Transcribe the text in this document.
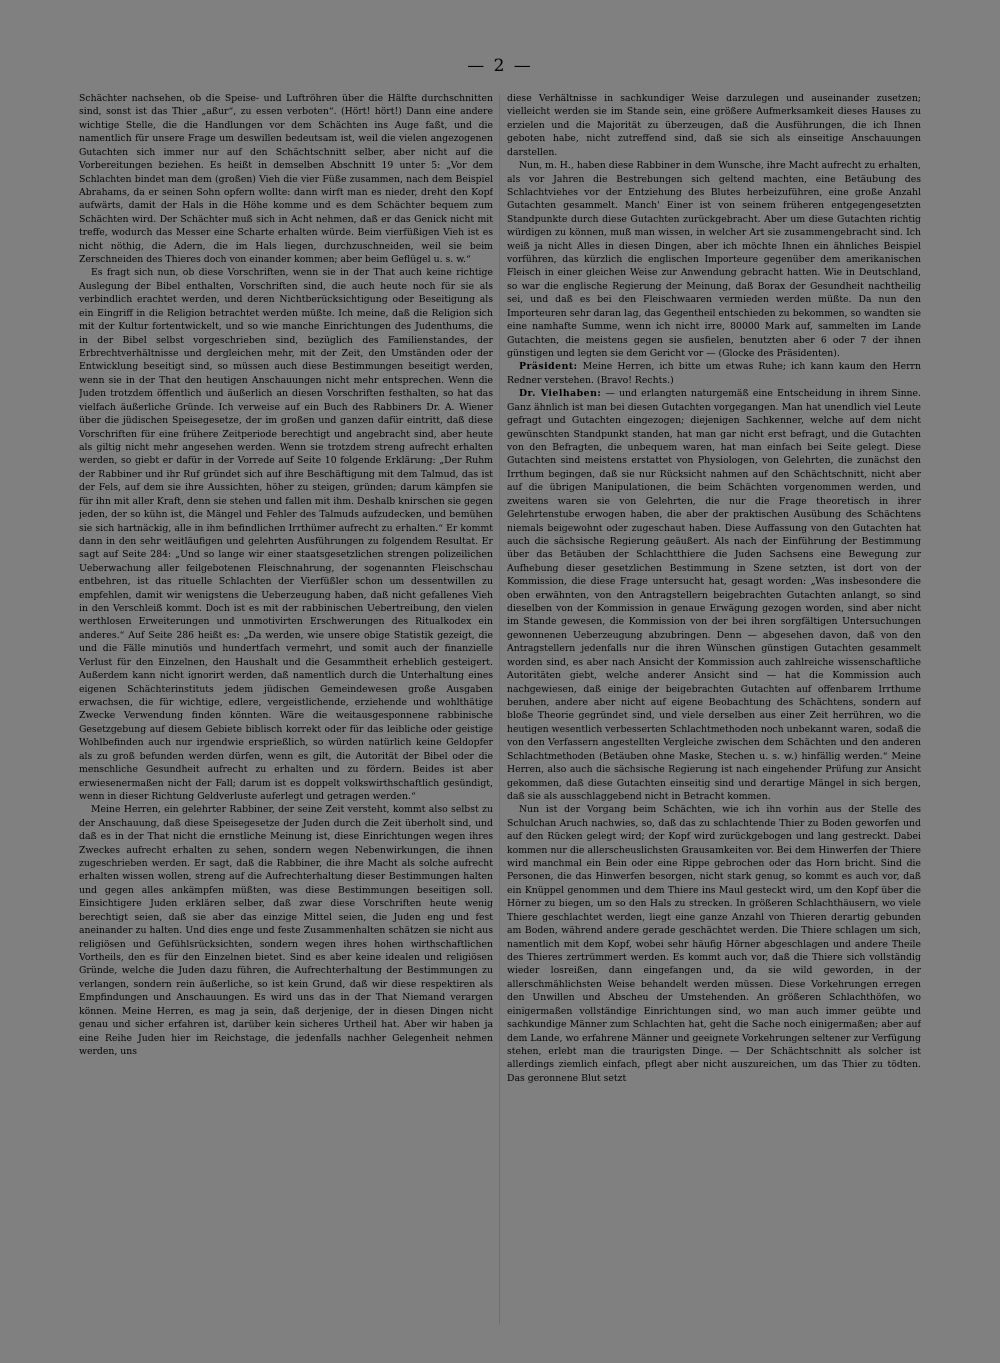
— 2 —

Schächter nachsehen, ob die Speise- und Luftröhren über die Hälfte durchschnitten sind, sonst ist das Thier „aßur“, zu essen verboten“. (Hört! hört!) Dann eine andere wichtige Stelle, die die Handlungen vor dem Schächten ins Auge faßt, und die namentlich für unsere Frage um deswillen bedeutsam ist, weil die vielen angezogenen Gutachten sich immer nur auf den Schächtschnitt selber, aber nicht auf die Vorbereitungen beziehen. Es heißt in demselben Abschnitt 19 unter 5: „Vor dem Schlachten bindet man dem (großen) Vieh die vier Füße zusammen, nach dem Beispiel Abrahams, da er seinen Sohn opfern wollte: dann wirft man es nieder, dreht den Kopf aufwärts, damit der Hals in die Höhe komme und es dem Schächter bequem zum Schächten wird. Der Schächter muß sich in Acht nehmen, daß er das Genick nicht mit treffe, wodurch das Messer eine Scharte erhalten würde. Beim vierfüßigen Vieh ist es nicht nöthig, die Adern, die im Hals liegen, durchzuschneiden, weil sie beim Zerschneiden des Thieres doch von einander kommen; aber beim Geflügel u. s. w.“

Es fragt sich nun, ob diese Vorschriften, wenn sie in der That auch keine richtige Auslegung der Bibel enthalten, Vorschriften sind, die auch heute noch für sie als verbindlich erachtet werden, und deren Nichtberücksichtigung oder Beseitigung als ein Eingriff in die Religion betrachtet werden müßte. Ich meine, daß die Religion sich mit der Kultur fortentwickelt, und so wie manche Einrichtungen des Judenthums, die in der Bibel selbst vorgeschrieben sind, bezüglich des Familienstandes, der Erbrechtverhältnisse und dergleichen mehr, mit der Zeit, den Umständen oder der Entwicklung beseitigt sind, so müssen auch diese Bestimmungen beseitigt werden, wenn sie in der That den heutigen Anschauungen nicht mehr entsprechen. Wenn die Juden trotzdem öffentlich und äußerlich an diesen Vorschriften festhalten, so hat das vielfach äußerliche Gründe. Ich verweise auf ein Buch des Rabbiners Dr. A. Wiener über die jüdischen Speisegesetze, der im großen und ganzen dafür eintritt, daß diese Vorschriften für eine frühere Zeitperiode berechtigt und angebracht sind, aber heute als giltig nicht mehr angesehen werden. Wenn sie trotzdem streng aufrecht erhalten werden, so giebt er dafür in der Vorrede auf Seite 10 folgende Erklärung: „Der Ruhm der Rabbiner und ihr Ruf gründet sich auf ihre Beschäftigung mit dem Talmud, das ist der Fels, auf dem sie ihre Aussichten, höher zu steigen, gründen; darum kämpfen sie für ihn mit aller Kraft, denn sie stehen und fallen mit ihm. Deshalb knirschen sie gegen jeden, der so kühn ist, die Mängel und Fehler des Talmuds aufzudecken, und bemühen sie sich hartnäckig, alle in ihm befindlichen Irrthümer aufrecht zu erhalten.“ Er kommt dann in den sehr weitläufigen und gelehrten Ausführungen zu folgendem Resultat. Er sagt auf Seite 284: „Und so lange wir einer staatsgesetzlichen strengen polizeilichen Ueberwachung aller feilgebotenen Fleischnahrung, der sogenannten Fleischschau entbehren, ist das rituelle Schlachten der Vierfüßler schon um dessentwillen zu empfehlen, damit wir wenigstens die Ueberzeugung haben, daß nicht gefallenes Vieh in den Verschleiß kommt. Doch ist es mit der rabbinischen Uebertreibung, den vielen werthlosen Erweiterungen und unmotivirten Erschwerungen des Ritualkodex ein anderes.“ Auf Seite 286 heißt es: „Da werden, wie unsere obige Statistik gezeigt, die und die Fälle minutiös und hundertfach vermehrt, und somit auch der finanzielle Verlust für den Einzelnen, den Haushalt und die Gesammtheit erheblich gesteigert. Außerdem kann nicht ignorirt werden, daß namentlich durch die Unterhaltung eines eigenen Schächterinstituts jedem jüdischen Gemeindewesen große Ausgaben erwachsen, die für wichtige, edlere, vergeistlichende, erziehende und wohlthätige Zwecke Verwendung finden könnten. Wäre die weitausgesponnene rabbinische Gesetzgebung auf diesem Gebiete biblisch korrekt oder für das leibliche oder geistige Wohlbefinden auch nur irgendwie ersprießlich, so würden natürlich keine Geldopfer als zu groß befunden werden dürfen, wenn es gilt, die Autorität der Bibel oder die menschliche Gesundheit aufrecht zu erhalten und zu fördern. Beides ist aber erwiesenermaßen nicht der Fall; darum ist es doppelt volkswirthschaftlich gesündigt, wenn in dieser Richtung Geldverluste auferlegt und getragen werden.“

Meine Herren, ein gelehrter Rabbiner, der seine Zeit versteht, kommt also selbst zu der Anschauung, daß diese Speisegesetze der Juden durch die Zeit überholt sind, und daß es in der That nicht die ernstliche Meinung ist, diese Einrichtungen wegen ihres Zweckes aufrecht erhalten zu sehen, sondern wegen Nebenwirkungen, die ihnen zugeschrieben werden. Er sagt, daß die Rabbiner, die ihre Macht als solche aufrecht erhalten wissen wollen, streng auf die Aufrechterhaltung dieser Bestimmungen halten und gegen alles ankämpfen müßten, was diese Bestimmungen beseitigen soll. Einsichtigere Juden erklären selber, daß zwar diese Vorschriften heute wenig berechtigt seien, daß sie aber das einzige Mittel seien, die Juden eng und fest aneinander zu halten. Und dies enge und feste Zusammenhalten schätzen sie nicht aus religiösen und Gefühlsrücksichten, sondern wegen ihres hohen wirthschaftlichen Vortheils, den es für den Einzelnen bietet. Sind es aber keine idealen und religiösen Gründe, welche die Juden dazu führen, die Aufrechterhaltung der Bestimmungen zu verlangen, sondern rein äußerliche, so ist kein Grund, daß wir diese respektiren als Empfindungen und Anschauungen. Es wird uns das in der That Niemand verargen können. Meine Herren, es mag ja sein, daß derjenige, der in diesen Dingen nicht genau und sicher erfahren ist, darüber kein sicheres Urtheil hat. Aber wir haben ja eine Reihe Juden hier im Reichstage, die jedenfalls nachher Gelegenheit nehmen werden, uns

diese Verhältnisse in sachkundiger Weise darzulegen und auseinander zusetzen; vielleicht werden sie im Stande sein, eine größere Aufmerksamkeit dieses Hauses zu erzielen und die Majorität zu überzeugen, daß die Ausführungen, die ich Ihnen geboten habe, nicht zutreffend sind, daß sie sich als einseitige Anschauungen darstellen.

Nun, m. H., haben diese Rabbiner in dem Wunsche, ihre Macht aufrecht zu erhalten, als vor Jahren die Bestrebungen sich geltend machten, eine Betäubung des Schlachtviehes vor der Entziehung des Blutes herbeizuführen, eine große Anzahl Gutachten gesammelt. Manch' Einer ist von seinem früheren entgegengesetzten Standpunkte durch diese Gutachten zurückgebracht. Aber um diese Gutachten richtig würdigen zu können, muß man wissen, in welcher Art sie zusammengebracht sind. Ich weiß ja nicht Alles in diesen Dingen, aber ich möchte Ihnen ein ähnliches Beispiel vorführen, das kürzlich die englischen Importeure gegenüber dem amerikanischen Fleisch in einer gleichen Weise zur Anwendung gebracht hatten. Wie in Deutschland, so war die englische Regierung der Meinung, daß Borax der Gesundheit nachtheilig sei, und daß es bei den Fleischwaaren vermieden werden müßte. Da nun den Importeuren sehr daran lag, das Gegentheil entschieden zu bekommen, so wandten sie eine namhafte Summe, wenn ich nicht irre, 80000 Mark auf, sammelten im Lande Gutachten, die meistens gegen sie ausfielen, benutzten aber 6 oder 7 der ihnen günstigen und legten sie dem Gericht vor — (Glocke des Präsidenten).

Präsident: Meine Herren, ich bitte um etwas Ruhe; ich kann kaum den Herrn Redner verstehen. (Bravo! Rechts.)

Dr. Vielhaben: — und erlangten naturgemäß eine Entscheidung in ihrem Sinne. Ganz ähnlich ist man bei diesen Gutachten vorgegangen. Man hat unendlich viel Leute gefragt und Gutachten eingezogen; diejenigen Sachkenner, welche auf dem nicht gewünschten Standpunkt standen, hat man gar nicht erst befragt, und die Gutachten von den Befragten, die unbequem waren, hat man einfach bei Seite gelegt. Diese Gutachten sind meistens erstattet von Physiologen, von Gelehrten, die zunächst den Irrthum begingen, daß sie nur Rücksicht nahmen auf den Schächtschnitt, nicht aber auf die übrigen Manipulationen, die beim Schächten vorgenommen werden, und zweitens waren sie von Gelehrten, die nur die Frage theoretisch in ihrer Gelehrtenstube erwogen haben, die aber der praktischen Ausübung des Schächtens niemals beigewohnt oder zugeschaut haben. Diese Auffassung von den Gutachten hat auch die sächsische Regierung geäußert. Als nach der Einführung der Bestimmung über das Betäuben der Schlachtthiere die Juden Sachsens eine Bewegung zur Aufhebung dieser gesetzlichen Bestimmung in Szene setzten, ist dort von der Kommission, die diese Frage untersucht hat, gesagt worden: „Was insbesondere die oben erwähnten, von den Antragstellern beigebrachten Gutachten anlangt, so sind dieselben von der Kommission in genaue Erwägung gezogen worden, sind aber nicht im Stande gewesen, die Kommission von der bei ihren sorgfältigen Untersuchungen gewonnenen Ueberzeugung abzubringen. Denn — abgesehen davon, daß von den Antragstellern jedenfalls nur die ihren Wünschen günstigen Gutachten gesammelt worden sind, es aber nach Ansicht der Kommission auch zahlreiche wissenschaftliche Autoritäten giebt, welche anderer Ansicht sind — hat die Kommission auch nachgewiesen, daß einige der beigebrachten Gutachten auf offenbarem Irrthume beruhen, andere aber nicht auf eigene Beobachtung des Schächtens, sondern auf bloße Theorie gegründet sind, und viele derselben aus einer Zeit herrühren, wo die heutigen wesentlich verbesserten Schlachtmethoden noch unbekannt waren, sodaß die von den Verfassern angestellten Vergleiche zwischen dem Schächten und den anderen Schlachtmethoden (Betäuben ohne Maske, Stechen u. s. w.) hinfällig werden.“ Meine Herren, also auch die sächsische Regierung ist nach eingehender Prüfung zur Ansicht gekommen, daß diese Gutachten einseitig sind und derartige Mängel in sich bergen, daß sie als ausschlaggebend nicht in Betracht kommen.

Nun ist der Vorgang beim Schächten, wie ich ihn vorhin aus der Stelle des Schulchan Aruch nachwies, so, daß das zu schlachtende Thier zu Boden geworfen und auf den Rücken gelegt wird; der Kopf wird zurückgebogen und lang gestreckt. Dabei kommen nur die allerscheuslichsten Grausamkeiten vor. Bei dem Hinwerfen der Thiere wird manchmal ein Bein oder eine Rippe gebrochen oder das Horn bricht. Sind die Personen, die das Hinwerfen besorgen, nicht stark genug, so kommt es auch vor, daß ein Knüppel genommen und dem Thiere ins Maul gesteckt wird, um den Kopf über die Hörner zu biegen, um so den Hals zu strecken. In größeren Schlachthäusern, wo viele Thiere geschlachtet werden, liegt eine ganze Anzahl von Thieren derartig gebunden am Boden, während andere gerade geschächtet werden. Die Thiere schlagen um sich, namentlich mit dem Kopf, wobei sehr häufig Hörner abgeschlagen und andere Theile des Thieres zertrümmert werden. Es kommt auch vor, daß die Thiere sich vollständig wieder losreißen, dann eingefangen und, da sie wild geworden, in der allerschmählichsten Weise behandelt werden müssen. Diese Vorkehrungen erregen den Unwillen und Abscheu der Umstehenden. An größeren Schlachthöfen, wo einigermaßen vollständige Einrichtungen sind, wo man auch immer geübte und sachkundige Männer zum Schlachten hat, geht die Sache noch einigermaßen; aber auf dem Lande, wo erfahrene Männer und geeignete Vorkehrungen seltener zur Verfügung stehen, erlebt man die traurigsten Dinge. — Der Schächtschnitt als solcher ist allerdings ziemlich einfach, pflegt aber nicht auszureichen, um das Thier zu tödten. Das geronnene Blut setzt
